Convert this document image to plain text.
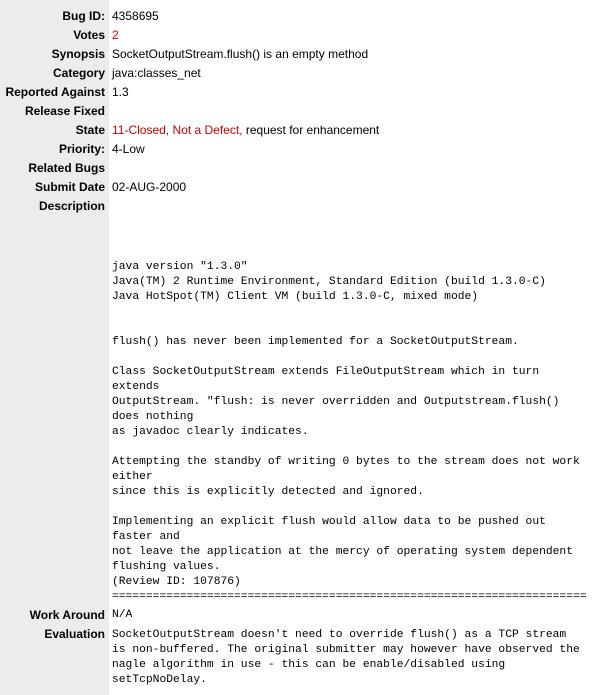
Bug ID: 4358695
Votes 2
Synopsis SocketOutputStream.flush() is an empty method
Category java:classes_net
Reported Against 1.3
Release Fixed
State 11-Closed, Not a Defect, request for enhancement
Priority: 4-Low
Related Bugs
Submit Date 02-AUG-2000
Description
java version "1.3.0"
Java(TM) 2 Runtime Environment, Standard Edition (build 1.3.0-C)
Java HotSpot(TM) Client VM (build 1.3.0-C, mixed mode)
flush() has never been implemented for a SocketOutputStream.
Class SocketOutputStream extends FileOutputStream which in turn
extends
OutputStream. "flush: is never overridden and Outputstream.flush()
does nothing
as javadoc clearly indicates.
Attempting the standby of writing 0 bytes to the stream does not work
either
since this is explicitly detected and ignored.
Implementing an explicit flush would allow data to be pushed out
faster and
not leave the application at the mercy of operating system dependent
flushing values.
(Review ID: 107876)
======================================================================
Work Around N/A
Evaluation SocketOutputStream doesn't need to override flush() as a TCP stream
is non-buffered. The original submitter may however have observed the
nagle algorithm in use - this can be enable/disabled using
setTcpNoDelay.
